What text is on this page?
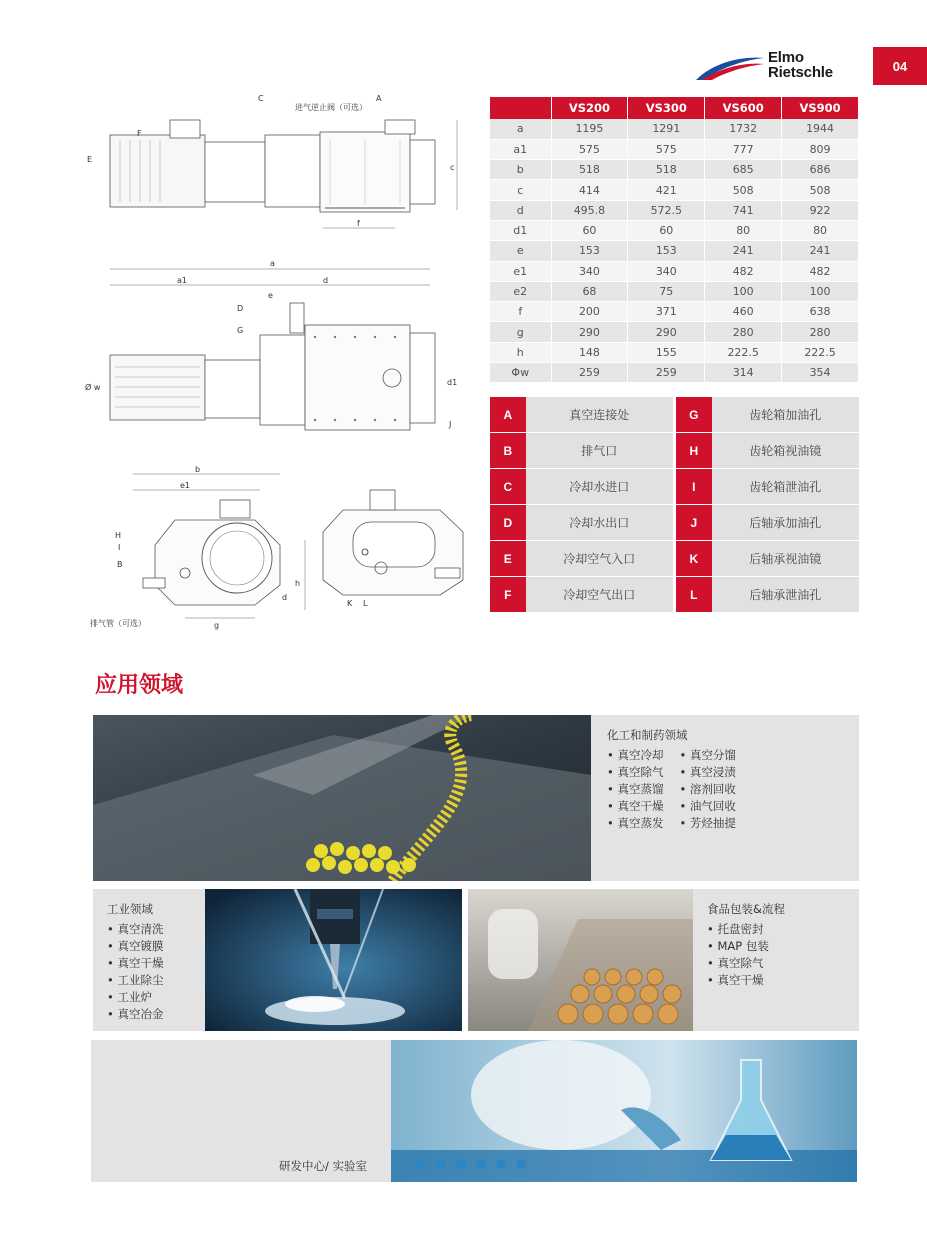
Elmo
Rietschle	04
f
c
E
F
C	A
进气逆止阀（可选）
a
a1	d
e
Ø w
d1
D
G
J
b
e1
g
d
h
H
I
B
排气管（可选）
K L
	VS200	VS300	VS600	VS900
a	1195	1291	1732	1944
a1	575	575	777	809
b	518	518	685	686
c	414	421	508	508
d	495.8	572.5	741	922
d1	60	60	80	80
e	153	153	241	241
e1	340	340	482	482
e2	68	75	100	100
f	200	371	460	638
g	290	290	280	280
h	148	155	222.5	222.5
Φw	259	259	314	354
A	真空连接处	G	齿轮箱加油孔
B	排气口	H	齿轮箱视油镜
C	冷却水进口	I	齿轮箱泄油孔
D	冷却水出口	J	后轴承加油孔
E	冷却空气入口	K	后轴承视油镜
F	冷却空气出口	L	后轴承泄油孔
应用领域
化工和制药领域
• 真空冷却
• 真空除气
• 真空蒸馏
• 真空干燥
• 真空蒸发
• 真空分馏
• 真空浸渍
• 溶剂回收
• 油气回收
• 芳烃抽提
工业领域
• 真空清洗
• 真空镀膜
• 真空干燥
• 工业除尘
• 工业炉
• 真空冶金
食品包装&流程
• 托盘密封
• MAP 包装
• 真空除气
• 真空干燥
研发中心/ 实验室
